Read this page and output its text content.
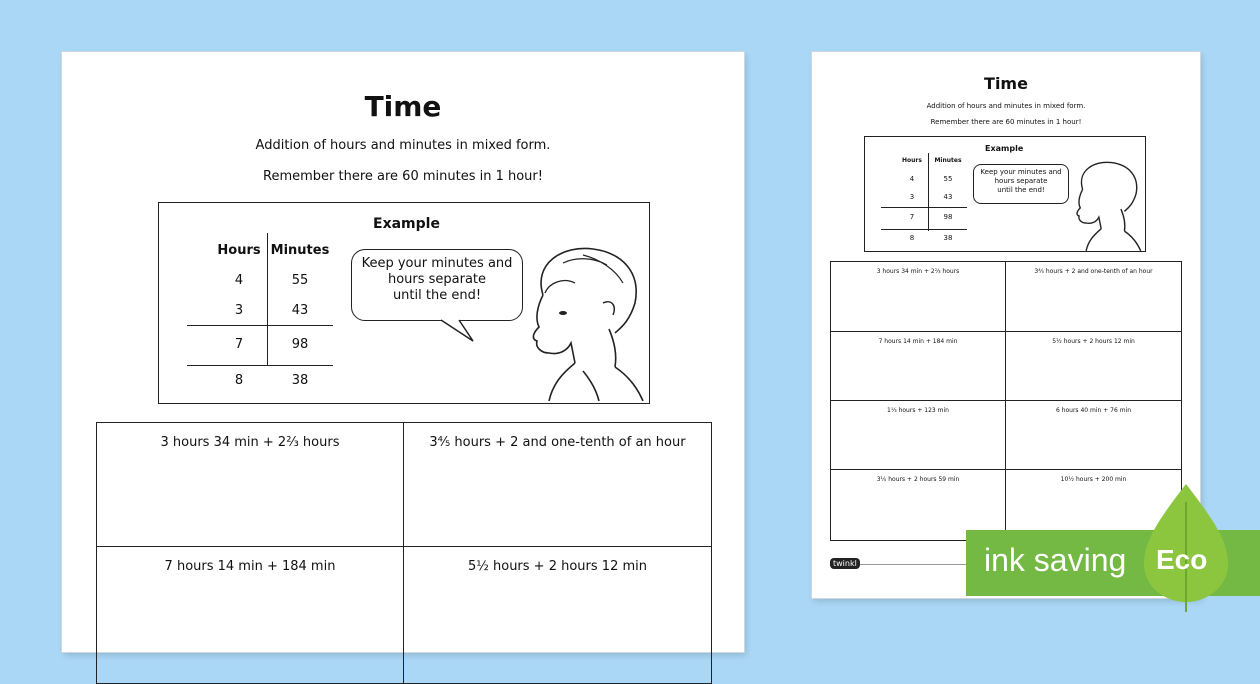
Time
Addition of hours and minutes in mixed form.
Remember there are 60 minutes in 1 hour!
Example
Hours Minutes
4	55
3	43
7	98
8	38
Keep your minutes and
hours separate
until the end!
3 hours 34 min + 2⅔ hours	3⅘ hours + 2 and one-tenth of an hour
7 hours 14 min + 184 min	5½ hours + 2 hours 12 min
Time
Addition of hours and minutes in mixed form.
Remember there are 60 minutes in 1 hour!
Example
Hours	Minutes
4	55
3	43
7	98
8	38
Keep your minutes and
hours separate
until the end!
3 hours 34 min + 2⅔ hours	3⅘ hours + 2 and one-tenth of an hour
7 hours 14 min + 184 min	5½ hours + 2 hours 12 min
1⅓ hours + 123 min	6 hours 40 min + 76 min
3⅕ hours + 2 hours 59 min	10½ hours + 200 min
twinkl	ink saving Eco
